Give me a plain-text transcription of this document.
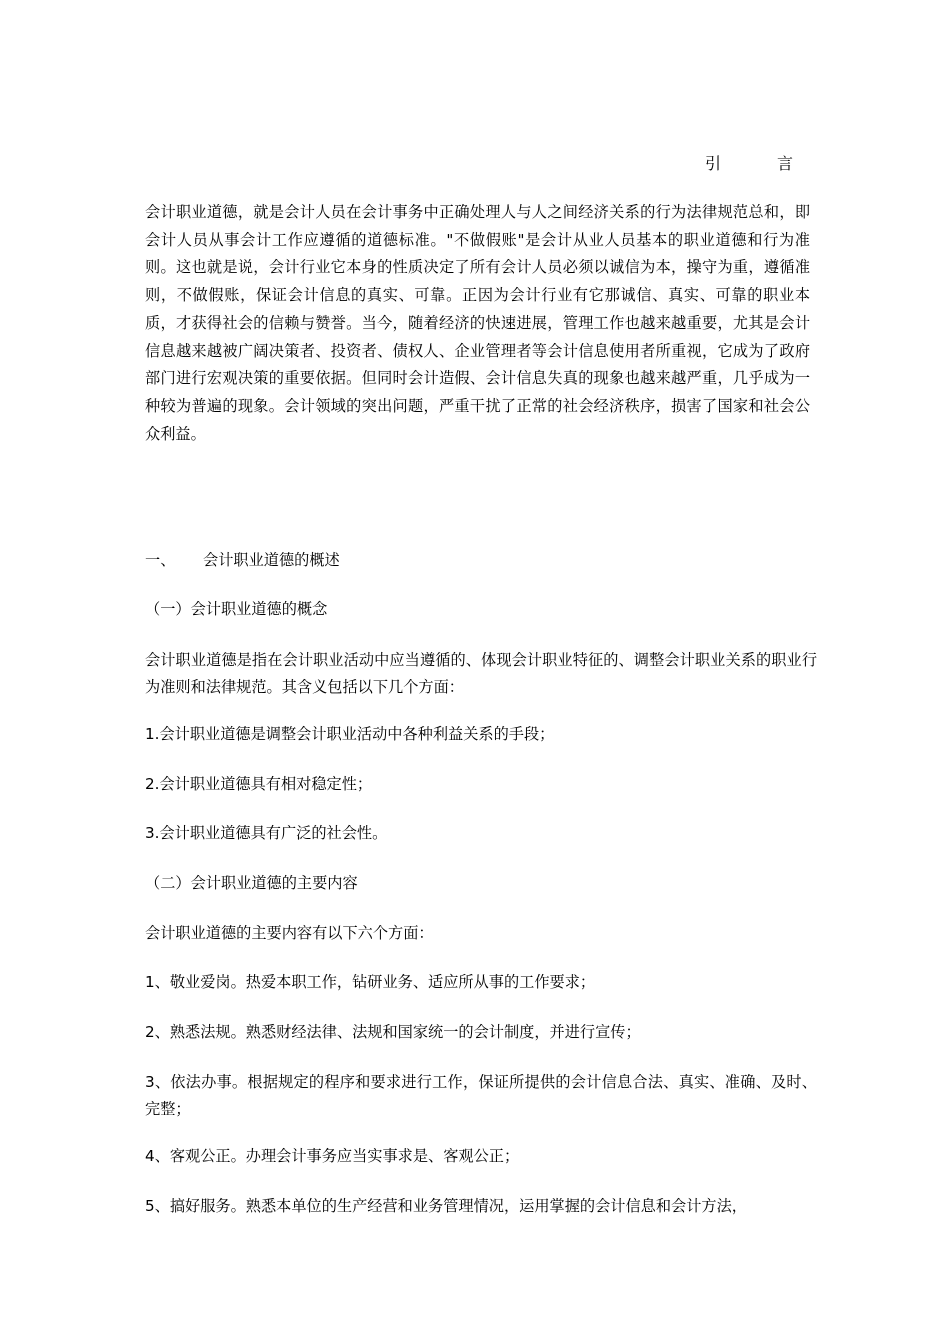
引　言

会计职业道德，就是会计人员在会计事务中正确处理人与人之间经济关系的行为法律规范总和，即会计人员从事会计工作应遵循的道德标准。"不做假账"是会计从业人员基本的职业道德和行为准则。这也就是说，会计行业它本身的性质决定了所有会计人员必须以诚信为本，操守为重，遵循准则，不做假账，保证会计信息的真实、可靠。正因为会计行业有它那诚信、真实、可靠的职业本质，才获得社会的信赖与赞誉。当今，随着经济的快速进展，管理工作也越来越重要，尤其是会计信息越来越被广阔决策者、投资者、债权人、企业管理者等会计信息使用者所重视，它成为了政府部门进行宏观决策的重要依据。但同时会计造假、会计信息失真的现象也越来越严重，几乎成为一种较为普遍的现象。会计领域的突出问题，严重干扰了正常的社会经济秩序，损害了国家和社会公众利益。

一、 会计职业道德的概述

（一）会计职业道德的概念

会计职业道德是指在会计职业活动中应当遵循的、体现会计职业特征的、调整会计职业关系的职业行为准则和法律规范。其含义包括以下几个方面：

1.会计职业道德是调整会计职业活动中各种利益关系的手段；

2.会计职业道德具有相对稳定性；

3.会计职业道德具有广泛的社会性。

（二）会计职业道德的主要内容

会计职业道德的主要内容有以下六个方面：

1、敬业爱岗。热爱本职工作，钻研业务、适应所从事的工作要求；

2、熟悉法规。熟悉财经法律、法规和国家统一的会计制度，并进行宣传；

3、依法办事。根据规定的程序和要求进行工作，保证所提供的会计信息合法、真实、准确、及时、完整；

4、客观公正。办理会计事务应当实事求是、客观公正；

5、搞好服务。熟悉本单位的生产经营和业务管理情况，运用掌握的会计信息和会计方法，
